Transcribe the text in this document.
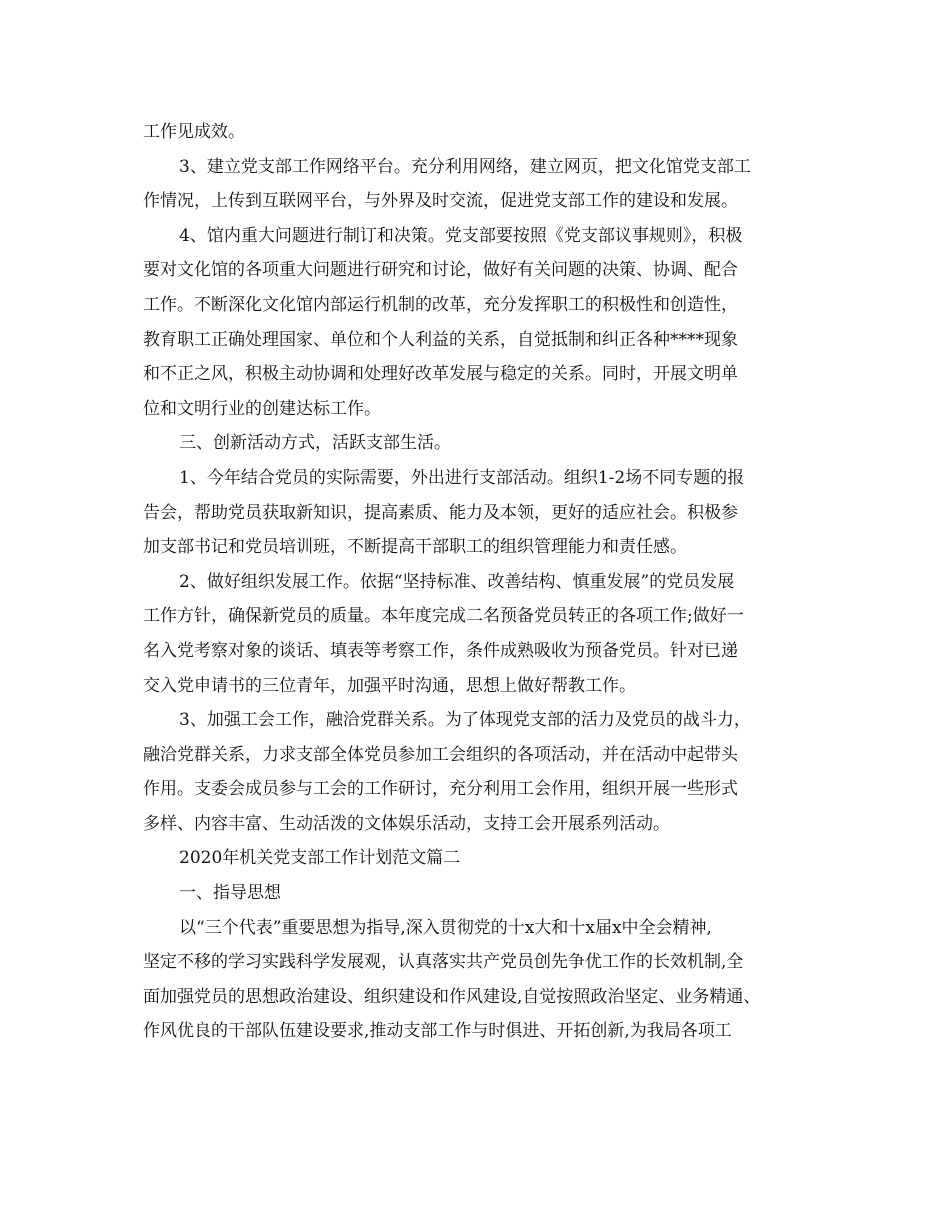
工作见成效。
3、建立党支部工作网络平台。充分利用网络，建立网页，把文化馆党支部工
作情况，上传到互联网平台，与外界及时交流，促进党支部工作的建设和发展。
4、馆内重大问题进行制订和决策。党支部要按照《党支部议事规则》，积极
要对文化馆的各项重大问题进行研究和讨论，做好有关问题的决策、协调、配合
工作。不断深化文化馆内部运行机制的改革，充分发挥职工的积极性和创造性，
教育职工正确处理国家、单位和个人利益的关系，自觉抵制和纠正各种****现象
和不正之风，积极主动协调和处理好改革发展与稳定的关系。同时，开展文明单
位和文明行业的创建达标工作。
三、创新活动方式，活跃支部生活。
1、今年结合党员的实际需要，外出进行支部活动。组织1-2场不同专题的报
告会，帮助党员获取新知识，提高素质、能力及本领，更好的适应社会。积极参
加支部书记和党员培训班，不断提高干部职工的组织管理能力和责任感。
2、做好组织发展工作。依据“坚持标准、改善结构、慎重发展”的党员发展
工作方针，确保新党员的质量。本年度完成二名预备党员转正的各项工作;做好一
名入党考察对象的谈话、填表等考察工作，条件成熟吸收为预备党员。针对已递
交入党申请书的三位青年，加强平时沟通，思想上做好帮教工作。
3、加强工会工作，融洽党群关系。为了体现党支部的活力及党员的战斗力，
融洽党群关系，力求支部全体党员参加工会组织的各项活动，并在活动中起带头
作用。支委会成员参与工会的工作研讨，充分利用工会作用，组织开展一些形式
多样、内容丰富、生动活泼的文体娱乐活动，支持工会开展系列活动。
2020年机关党支部工作计划范文篇二
一、指导思想
以“三个代表”重要思想为指导,深入贯彻党的十x大和十x届x中全会精神,
坚定不移的学习实践科学发展观，认真落实共产党员创先争优工作的长效机制,全
面加强党员的思想政治建设、组织建设和作风建设,自觉按照政治坚定、业务精通、
作风优良的干部队伍建设要求,推动支部工作与时俱进、开拓创新,为我局各项工
